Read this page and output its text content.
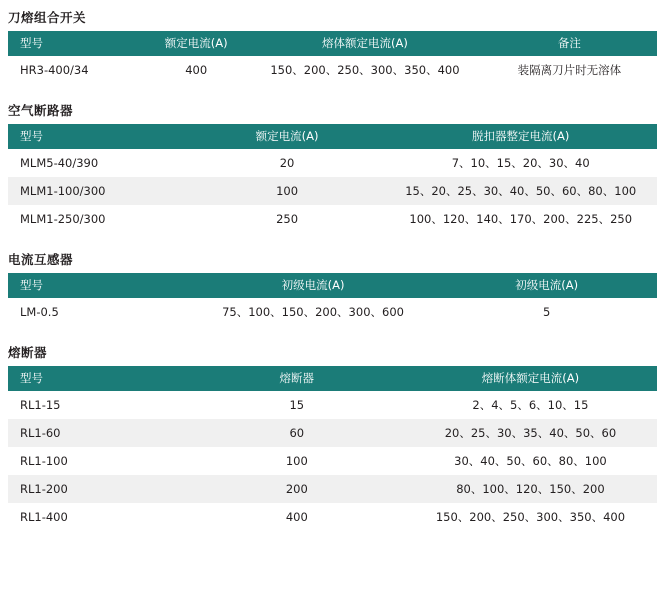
刀熔组合开关
型号	额定电流(A)	熔体额定电流(A)	备注
HR3-400/34	400	150、200、250、300、350、400	装隔离刀片时无溶体
空气断路器
型号	额定电流(A)	脱扣器整定电流(A)
MLM5-40/390	20	7、10、15、20、30、40
MLM1-100/300	100	15、20、25、30、40、50、60、80、100
MLM1-250/300	250	100、120、140、170、200、225、250
电流互感器
型号	初级电流(A)	初级电流(A)
LM-0.5	75、100、150、200、300、600	5
熔断器
型号	熔断器	熔断体额定电流(A)
RL1-15	15	2、4、5、6、10、15
RL1-60	60	20、25、30、35、40、50、60
RL1-100	100	30、40、50、60、80、100
RL1-200	200	80、100、120、150、200
RL1-400	400	150、200、250、300、350、400
